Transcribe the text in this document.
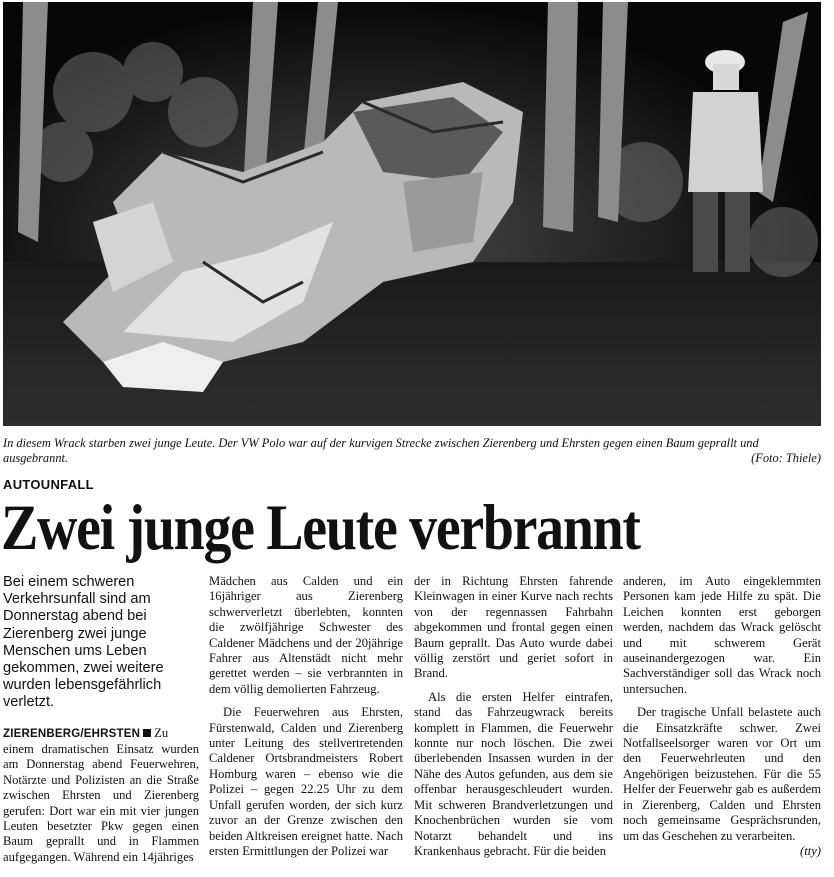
In diesem Wrack starben zwei junge Leute. Der VW Polo war auf der kurvigen Strecke zwischen Zierenberg und Ehrsten gegen einen Baum geprallt und ausgebrannt.	(Foto: Thiele)
AUTOUNFALL
Zwei junge Leute verbrannt
Bei einem schweren Verkehrsunfall sind am Donnerstag abend bei Zierenberg zwei junge Menschen ums Leben gekommen, zwei weitere wurden lebensgefährlich verletzt.

ZIERENBERG/EHRSTEN Zu einem dramatischen Einsatz wurden am Donnerstag abend Feuerwehren, Notärzte und Polizisten an die Straße zwischen Ehrsten und Zierenberg gerufen: Dort war ein mit vier jungen Leuten besetzter Pkw gegen einen Baum geprallt und in Flammen aufgegangen. Während ein 14jähriges

Mädchen aus Calden und ein 16jähriger aus Zierenberg schwerverletzt überlebten, konnten die zwölfjährige Schwester des Caldener Mädchens und der 20jährige Fahrer aus Altenstädt nicht mehr gerettet werden – sie verbrannten in dem völlig demolierten Fahrzeug.

Die Feuerwehren aus Ehrsten, Fürstenwald, Calden und Zierenberg unter Leitung des stellvertretenden Caldener Ortsbrandmeisters Robert Homburg waren – ebenso wie die Polizei – gegen 22.25 Uhr zu dem Unfall gerufen worden, der sich kurz zuvor an der Grenze zwischen den beiden Altkreisen ereignet hatte. Nach ersten Ermittlungen der Polizei war

der in Richtung Ehrsten fahrende Kleinwagen in einer Kurve nach rechts von der regennassen Fahrbahn abgekommen und frontal gegen einen Baum geprallt. Das Auto wurde dabei völlig zerstört und geriet sofort in Brand.

Als die ersten Helfer eintrafen, stand das Fahrzeugwrack bereits komplett in Flammen, die Feuerwehr konnte nur noch löschen. Die zwei überlebenden Insassen wurden in der Nähe des Autos gefunden, aus dem sie offenbar herausgeschleudert wurden. Mit schweren Brandverletzungen und Knochenbrüchen wurden sie vom Notarzt behandelt und ins Krankenhaus gebracht. Für die beiden

anderen, im Auto eingeklemmten Personen kam jede Hilfe zu spät. Die Leichen konnten erst geborgen werden, nachdem das Wrack gelöscht und mit schwerem Gerät auseinandergezogen war. Ein Sachverständiger soll das Wrack noch untersuchen.

Der tragische Unfall belastete auch die Einsatzkräfte schwer. Zwei Notfallseelsorger waren vor Ort um den Feuerwehrleuten und den Angehörigen beizustehen. Für die 55 Helfer der Feuerwehr gab es außerdem in Zierenberg, Calden und Ehrsten noch gemeinsame Gesprächsrunden, um das Geschehen zu verarbeiten.
(tty)
